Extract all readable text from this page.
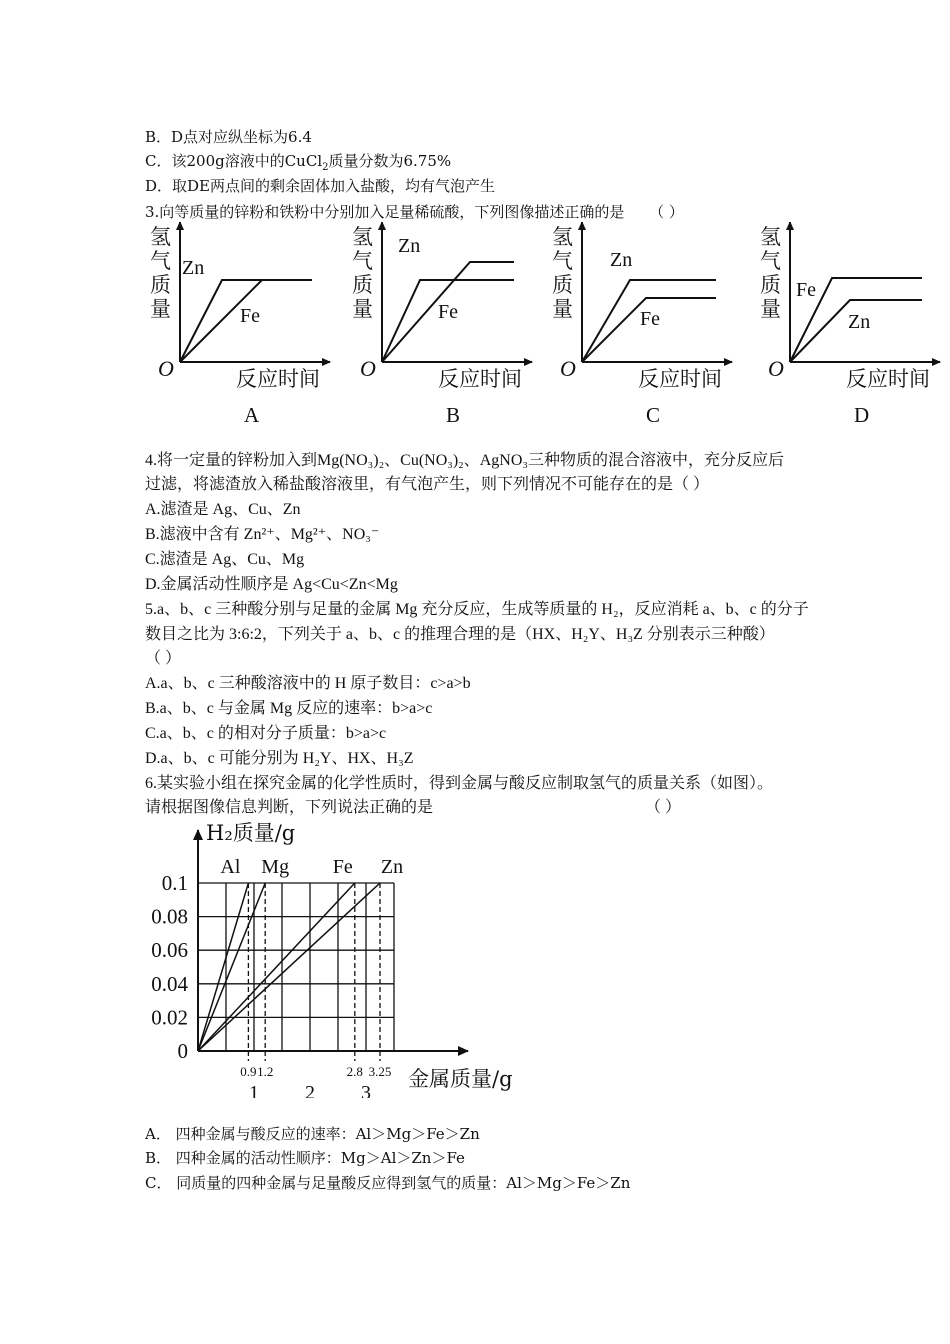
B．D点对应纵坐标为6.4
C．该200g溶液中的CuCl$_2$质量分数为6.75%
D．取DE两点间的剩余固体加入盐酸，均有气泡产生
3.向等质量的锌粉和铁粉中分别加入足量稀硫酸，下列图像描述正确的是 （ ）
氢
气
质
量
O	反应时间
Zn
Fe
A
氢
气
质
量
O	反应时间
Zn
Fe
B
氢
气
质
量
O	反应时间
Zn
Fe
C
氢
气
质
量
O	反应时间
Zn
Fe
D
4.将一定量的锌粉加入到Mg(NO₃)₂、Cu(NO₃)₂、AgNO₃三种物质的混合溶液中，充分反应后
过滤，将滤渣放入稀盐酸溶液里，有气泡产生，则下列情况不可能存在的是（ ）
A.滤渣是 Ag、Cu、Zn
B.滤液中含有 Zn²⁺、Mg²⁺、NO₃⁻
C.滤渣是 Ag、Cu、Mg
D.金属活动性顺序是 Ag<Cu<Zn<Mg
5.a、b、c 三种酸分别与足量的金属 Mg 充分反应，生成等质量的 H₂，反应消耗 a、b、c 的分子
数目之比为 3:6:2，下列关于 a、b、c 的推理合理的是（HX、H₂Y、H₃Z 分别表示三种酸）
（ ）
A.a、b、c 三种酸溶液中的 H 原子数目：c>a>b
B.a、b、c 与金属 Mg 反应的速率：b>a>c
C.a、b、c 的相对分子质量：b>a>c
D.a、b、c 可能分别为 H₂Y、HX、H₃Z
6.某实验小组在探究金属的化学性质时，得到金属与酸反应制取氢气的质量关系（如图）。
请根据图像信息判断，下列说法正确的是	（ ）
0.1
0.08
0.06
0.04
0.02
0
0.9 1.2	2.8 3.25
1 2 3
Al Mg Fe Zn
H₂质量/g
金属质量/g
A． 四种金属与酸反应的速率：Al＞Mg＞Fe＞Zn
B． 四种金属的活动性顺序：Mg＞Al＞Zn＞Fe
C． 同质量的四种金属与足量酸反应得到氢气的质量：Al＞Mg＞Fe＞Zn
